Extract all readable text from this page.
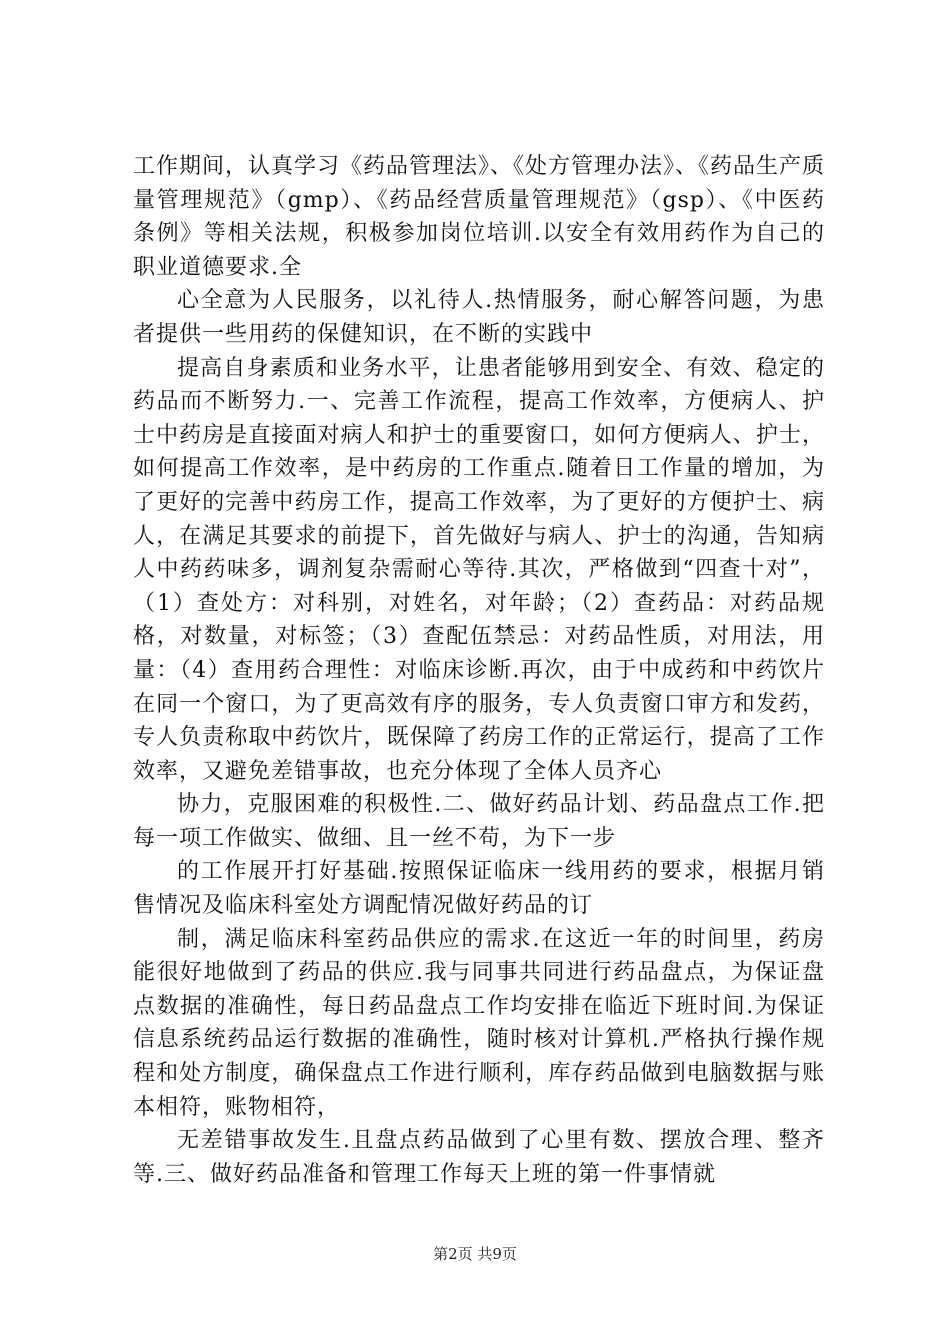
工作期间，认真学习《药品管理法》、《处方管理办法》、《药品生产质量管理规范》（gmp）、《药品经营质量管理规范》（gsp）、《中医药条例》等相关法规，积极参加岗位培训.以安全有效用药作为自己的职业道德要求.全

心全意为人民服务，以礼待人.热情服务，耐心解答问题，为患者提供一些用药的保健知识，在不断的实践中

提高自身素质和业务水平，让患者能够用到安全、有效、稳定的药品而不断努力.一、完善工作流程，提高工作效率，方便病人、护士中药房是直接面对病人和护士的重要窗口，如何方便病人、护士，如何提高工作效率，是中药房的工作重点.随着日工作量的增加，为了更好的完善中药房工作，提高工作效率，为了更好的方便护士、病人，在满足其要求的前提下，首先做好与病人、护士的沟通，告知病人中药药味多，调剂复杂需耐心等待.其次，严格做到“四查十对”，（1）查处方：对科别，对姓名，对年龄；（2）查药品：对药品规格，对数量，对标签；（3）查配伍禁忌：对药品性质，对用法，用量：（4）查用药合理性：对临床诊断.再次，由于中成药和中药饮片在同一个窗口，为了更高效有序的服务，专人负责窗口审方和发药，专人负责称取中药饮片，既保障了药房工作的正常运行，提高了工作效率，又避免差错事故，也充分体现了全体人员齐心

协力，克服困难的积极性.二、做好药品计划、药品盘点工作.把每一项工作做实、做细、且一丝不苟，为下一步

的工作展开打好基础.按照保证临床一线用药的要求，根据月销售情况及临床科室处方调配情况做好药品的订

制，满足临床科室药品供应的需求.在这近一年的时间里，药房能很好地做到了药品的供应.我与同事共同进行药品盘点，为保证盘点数据的准确性，每日药品盘点工作均安排在临近下班时间.为保证信息系统药品运行数据的准确性，随时核对计算机.严格执行操作规程和处方制度，确保盘点工作进行顺利，库存药品做到电脑数据与账本相符，账物相符，

无差错事故发生.且盘点药品做到了心里有数、摆放合理、整齐等.三、做好药品准备和管理工作每天上班的第一件事情就

第2页 共9页
